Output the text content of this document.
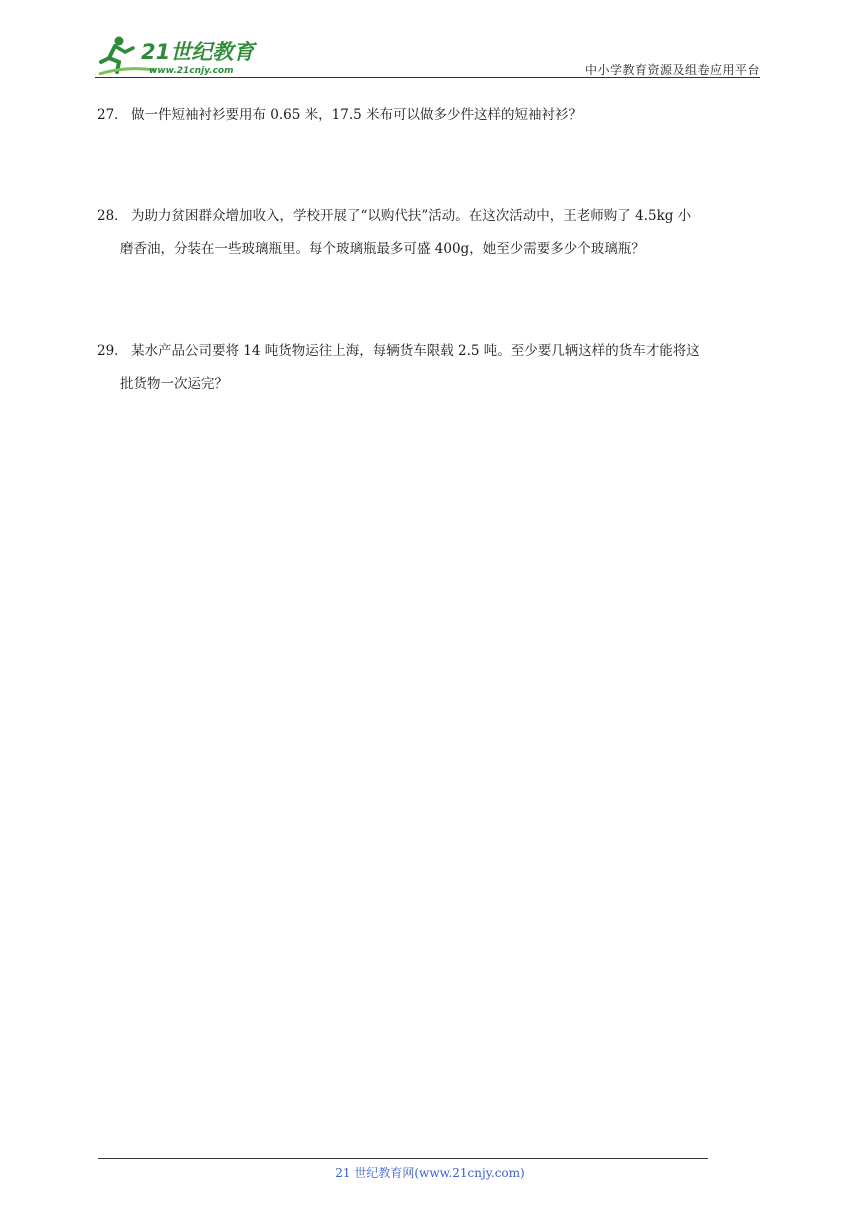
21世纪教育
www.21cnjy.com	中小学教育资源及组卷应用平台
27． 做一件短袖衬衫要用布 0.65 米，17.5 米布可以做多少件这样的短袖衬衫？
28． 为助力贫困群众增加收入，学校开展了“以购代扶”活动。在这次活动中，王老师购了 4.5kg 小
磨香油，分装在一些玻璃瓶里。每个玻璃瓶最多可盛 400g，她至少需要多少个玻璃瓶？
29． 某水产品公司要将 14 吨货物运往上海，每辆货车限载 2.5 吨。至少要几辆这样的货车才能将这
批货物一次运完？
21 世纪教育网(www.21cnjy.com)
